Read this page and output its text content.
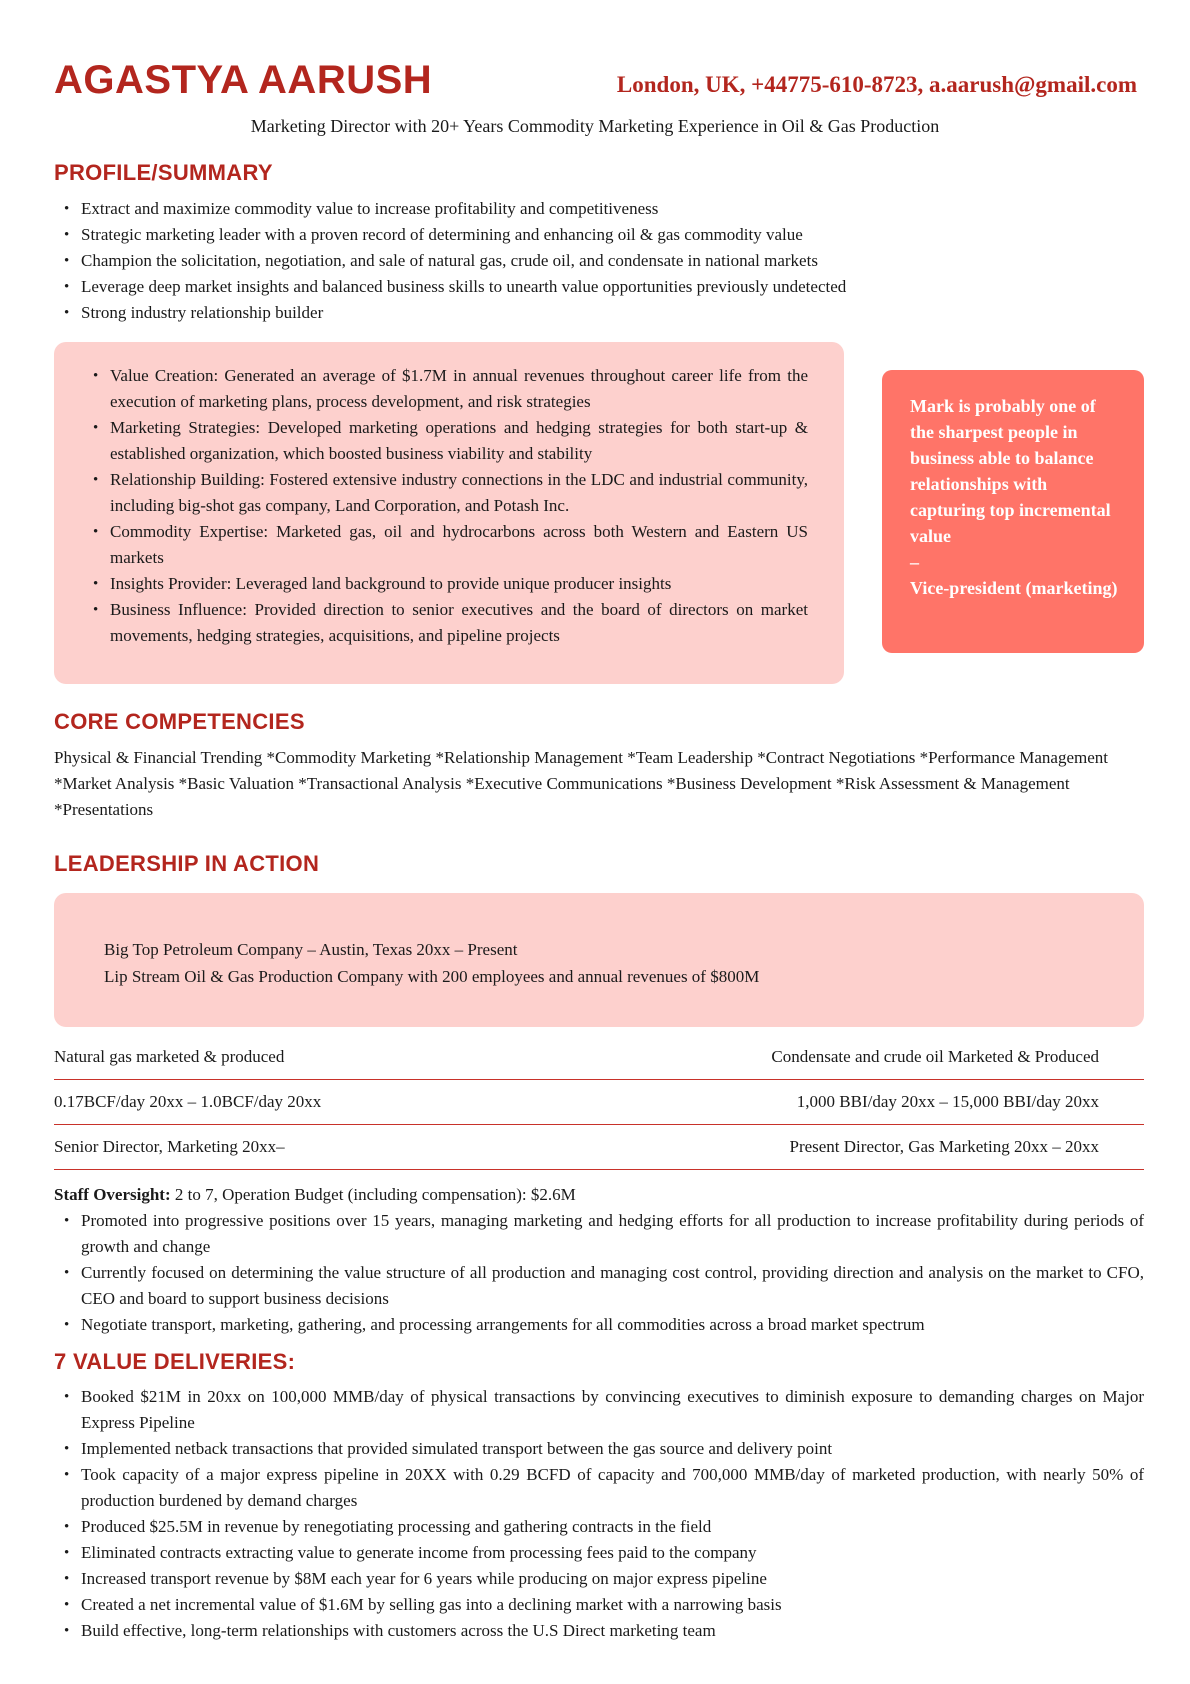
AGASTYA AARUSH	London, UK, +44775-610-8723, a.aarush@gmail.com
Marketing Director with 20+ Years Commodity Marketing Experience in Oil & Gas Production
PROFILE/SUMMARY
• Extract and maximize commodity value to increase profitability and competitiveness
• Strategic marketing leader with a proven record of determining and enhancing oil & gas commodity value
• Champion the solicitation, negotiation, and sale of natural gas, crude oil, and condensate in national markets
• Leverage deep market insights and balanced business skills to unearth value opportunities previously undetected
• Strong industry relationship builder
• Value Creation: Generated an average of $1.7M in annual revenues throughout career life from the execution of marketing plans, process development, and risk strategies
• Marketing Strategies: Developed marketing operations and hedging strategies for both start-up & established organization, which boosted business viability and stability
• Relationship Building: Fostered extensive industry connections in the LDC and industrial community, including big-shot gas company, Land Corporation, and Potash Inc.
• Commodity Expertise: Marketed gas, oil and hydrocarbons across both Western and Eastern US markets
• Insights Provider: Leveraged land background to provide unique producer insights
• Business Influence: Provided direction to senior executives and the board of directors on market movements, hedging strategies, acquisitions, and pipeline projects
Mark is probably one of the sharpest people in business able to balance relationships with capturing top incremental value
–
Vice-president (marketing)
CORE COMPETENCIES

Physical & Financial Trending *Commodity Marketing *Relationship Management *Team Leadership *Contract Negotiations *Performance Management *Market Analysis *Basic Valuation *Transactional Analysis *Executive Communications *Business Development *Risk Assessment & Management *Presentations

LEADERSHIP IN ACTION
Big Top Petroleum Company – Austin, Texas 20xx – Present
Lip Stream Oil & Gas Production Company with 200 employees and annual revenues of $800M
Natural gas marketed & produced	Condensate and crude oil Marketed & Produced
0.17BCF/day 20xx – 1.0BCF/day 20xx	1,000 BBI/day 20xx – 15,000 BBI/day 20xx
Senior Director, Marketing 20xx–	Present Director, Gas Marketing 20xx – 20xx

Staff Oversight: 2 to 7, Operation Budget (including compensation): $2.6M

• Promoted into progressive positions over 15 years, managing marketing and hedging efforts for all production to increase profitability during periods of growth and change
• Currently focused on determining the value structure of all production and managing cost control, providing direction and analysis on the market to CFO, CEO and board to support business decisions
• Negotiate transport, marketing, gathering, and processing arrangements for all commodities across a broad market spectrum
7 VALUE DELIVERIES:
• Booked $21M in 20xx on 100,000 MMB/day of physical transactions by convincing executives to diminish exposure to demanding charges on Major Express Pipeline
• Implemented netback transactions that provided simulated transport between the gas source and delivery point
• Took capacity of a major express pipeline in 20XX with 0.29 BCFD of capacity and 700,000 MMB/day of marketed production, with nearly 50% of production burdened by demand charges
• Produced $25.5M in revenue by renegotiating processing and gathering contracts in the field
• Eliminated contracts extracting value to generate income from processing fees paid to the company
• Increased transport revenue by $8M each year for 6 years while producing on major express pipeline
• Created a net incremental value of $1.6M by selling gas into a declining market with a narrowing basis
• Build effective, long-term relationships with customers across the U.S Direct marketing team
